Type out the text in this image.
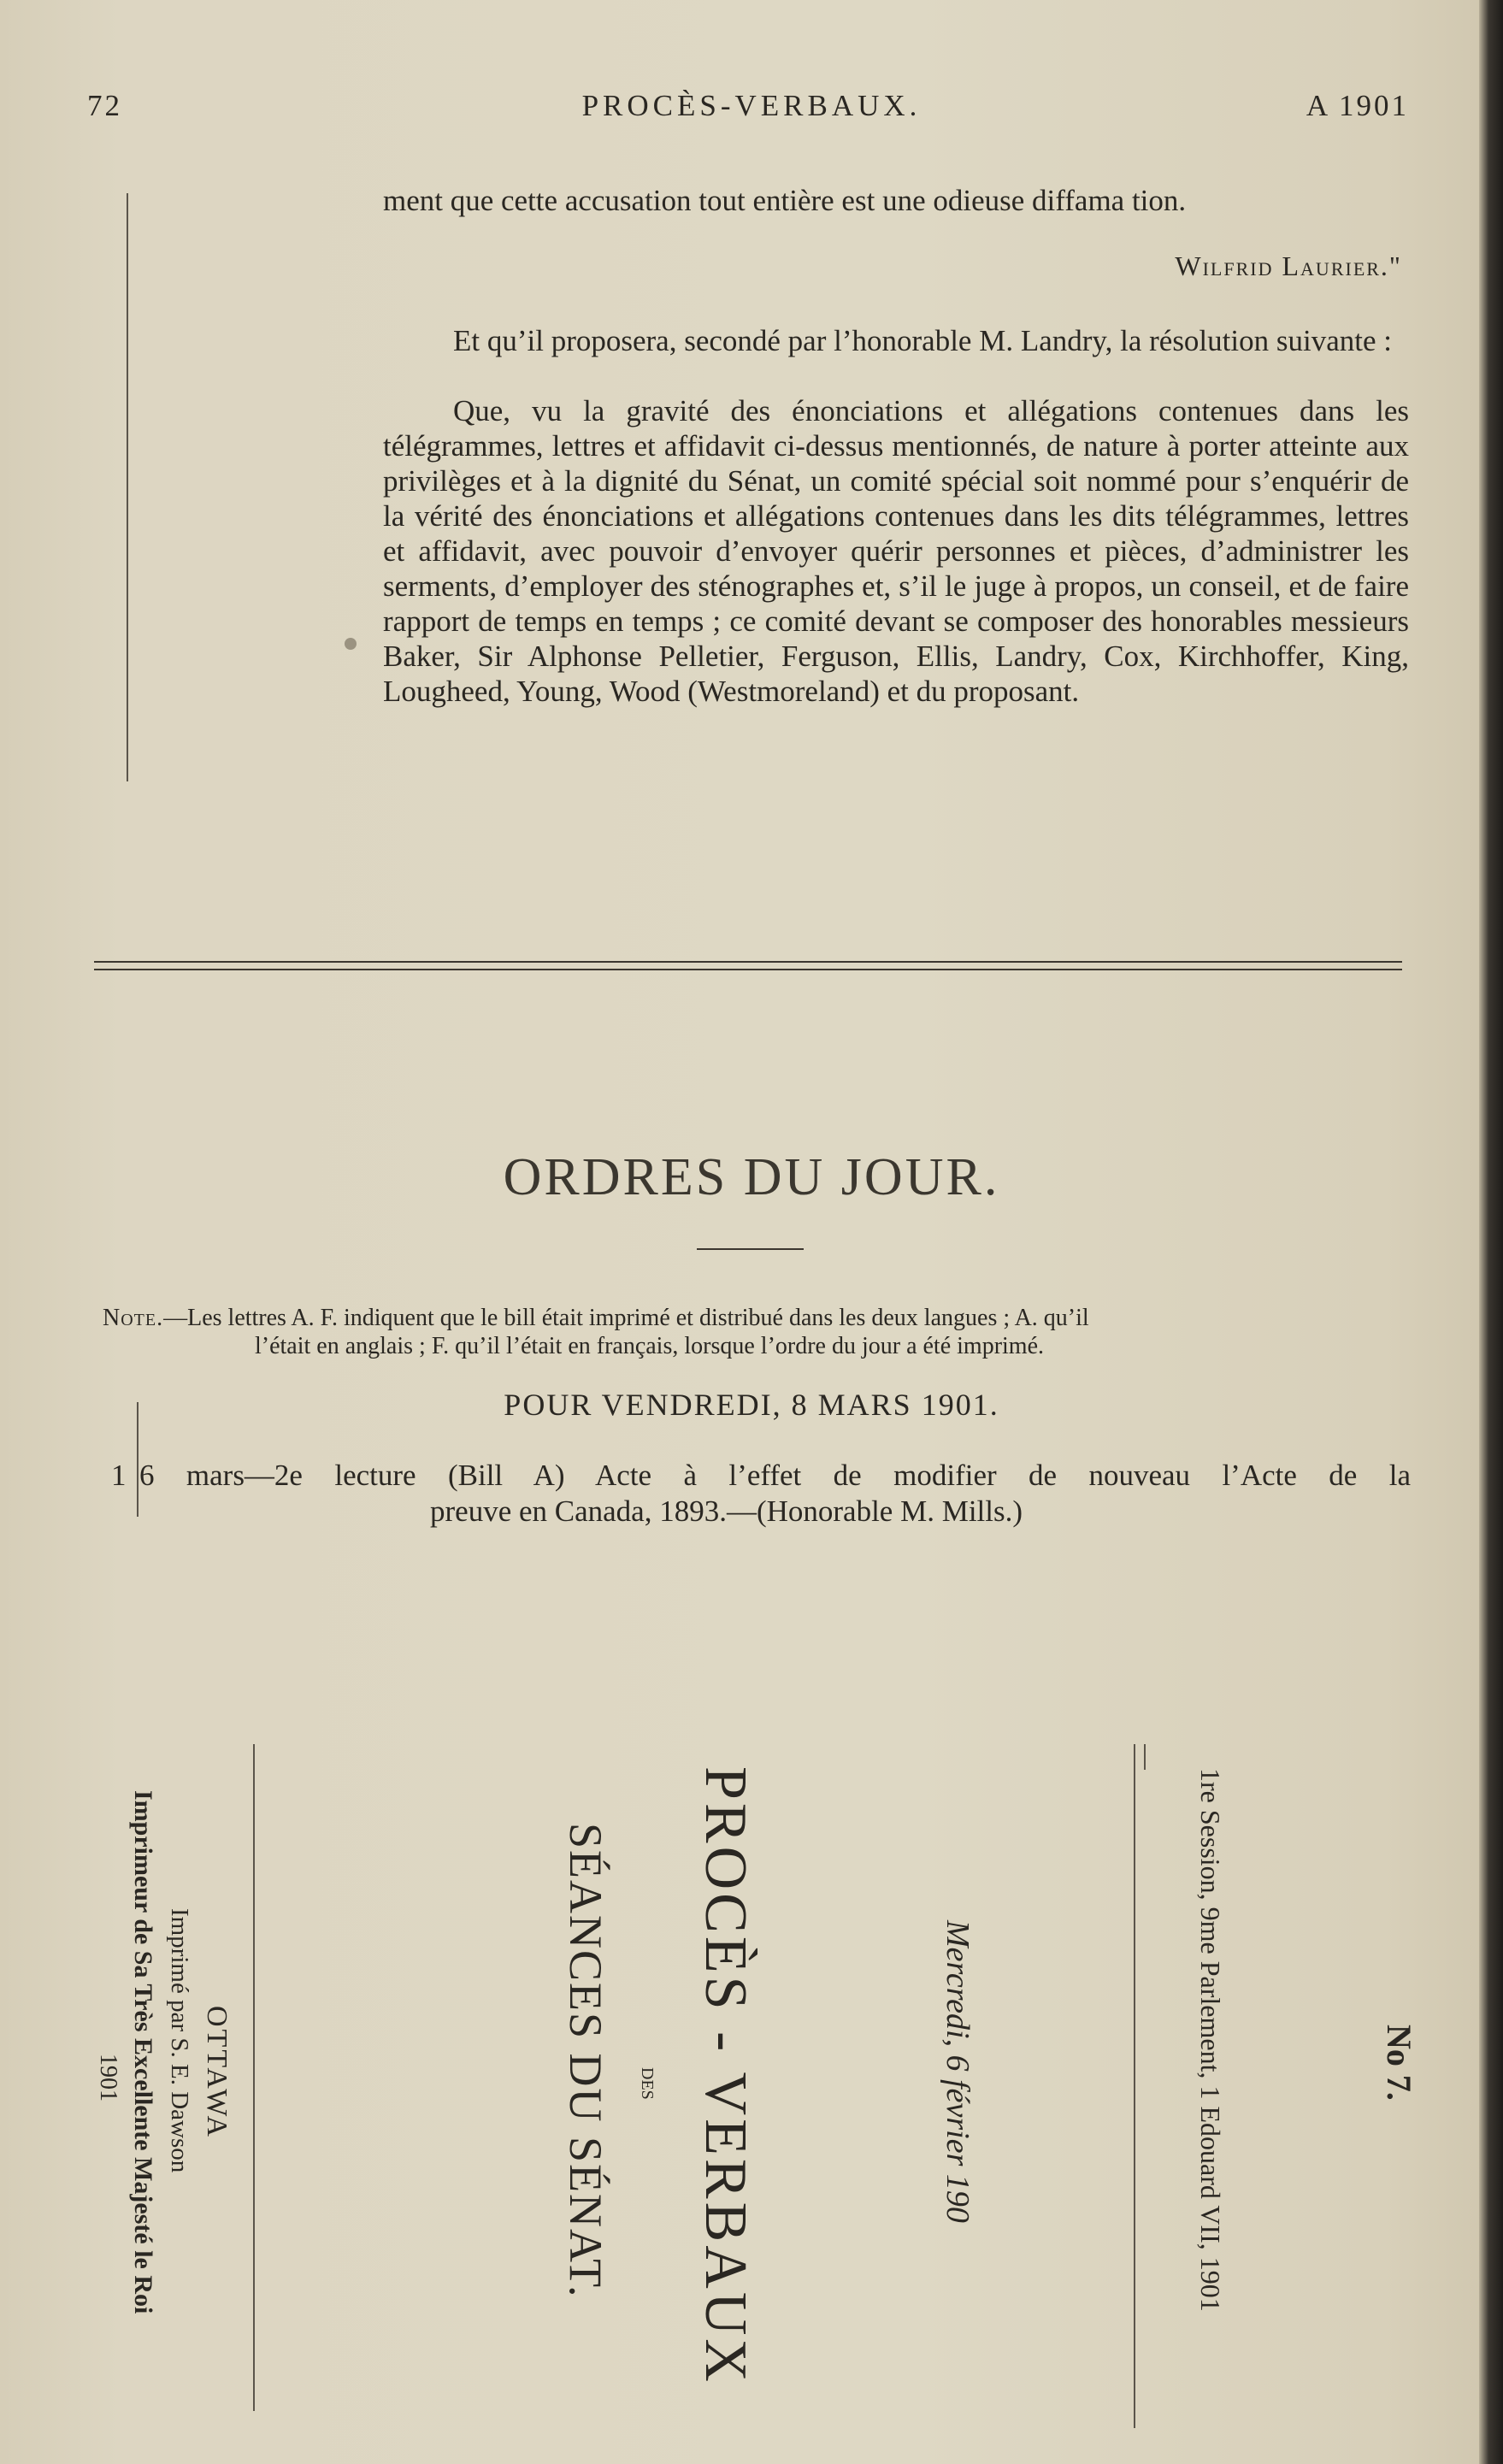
72	PROCÈS-VERBAUX.	A 1901
ment que cette accusation tout entière est une odieuse diffama tion.
Wilfrid Laurier."
Et qu’il proposera, secondé par l’honorable M. Landry, la résolution suivante :
Que, vu la gravité des énonciations et allégations contenues dans les télégrammes, lettres et affidavit ci-dessus mentionnés, de nature à porter atteinte aux privilèges et à la dignité du Sénat, un comité spécial soit nommé pour s’enquérir de la vérité des énonciations et allégations contenues dans les dits télégrammes, lettres et affidavit, avec pouvoir d’envoyer quérir personnes et pièces, d’administrer les serments, d’employer des sténographes et, s’il le juge à propos, un conseil, et de faire rapport de temps en temps ; ce comité devant se composer des honorables messieurs Baker, Sir Alphonse Pelletier, Ferguson, Ellis, Landry, Cox, Kirchhoffer, King, Lougheed, Young, Wood (Westmoreland) et du proposant.
ORDRES DU JOUR.
Note.—Les lettres A. F. indiquent que le bill était imprimé et distribué dans les deux langues ; A. qu’il
l’était en anglais ; F. qu’il l’était en français, lorsque l’ordre du jour a été imprimé.
POUR VENDREDI, 8 MARS 1901.
1 6 mars—2e lecture (Bill A) Acte à l’effet de modifier de nouveau l’Acte de la
preuve en Canada, 1893.—(Honorable M. Mills.)
No 7.
1re Session, 9me Parlement, 1 Edouard VII, 1901
Mercredi, 6 février 190
PROCÈS - VERBAUX
DES
SÉANCES DU SÉNAT.
OTTAWA
Imprimé par S. E. Dawson
Imprimeur de Sa Très Excellente Majesté le Roi
1901
